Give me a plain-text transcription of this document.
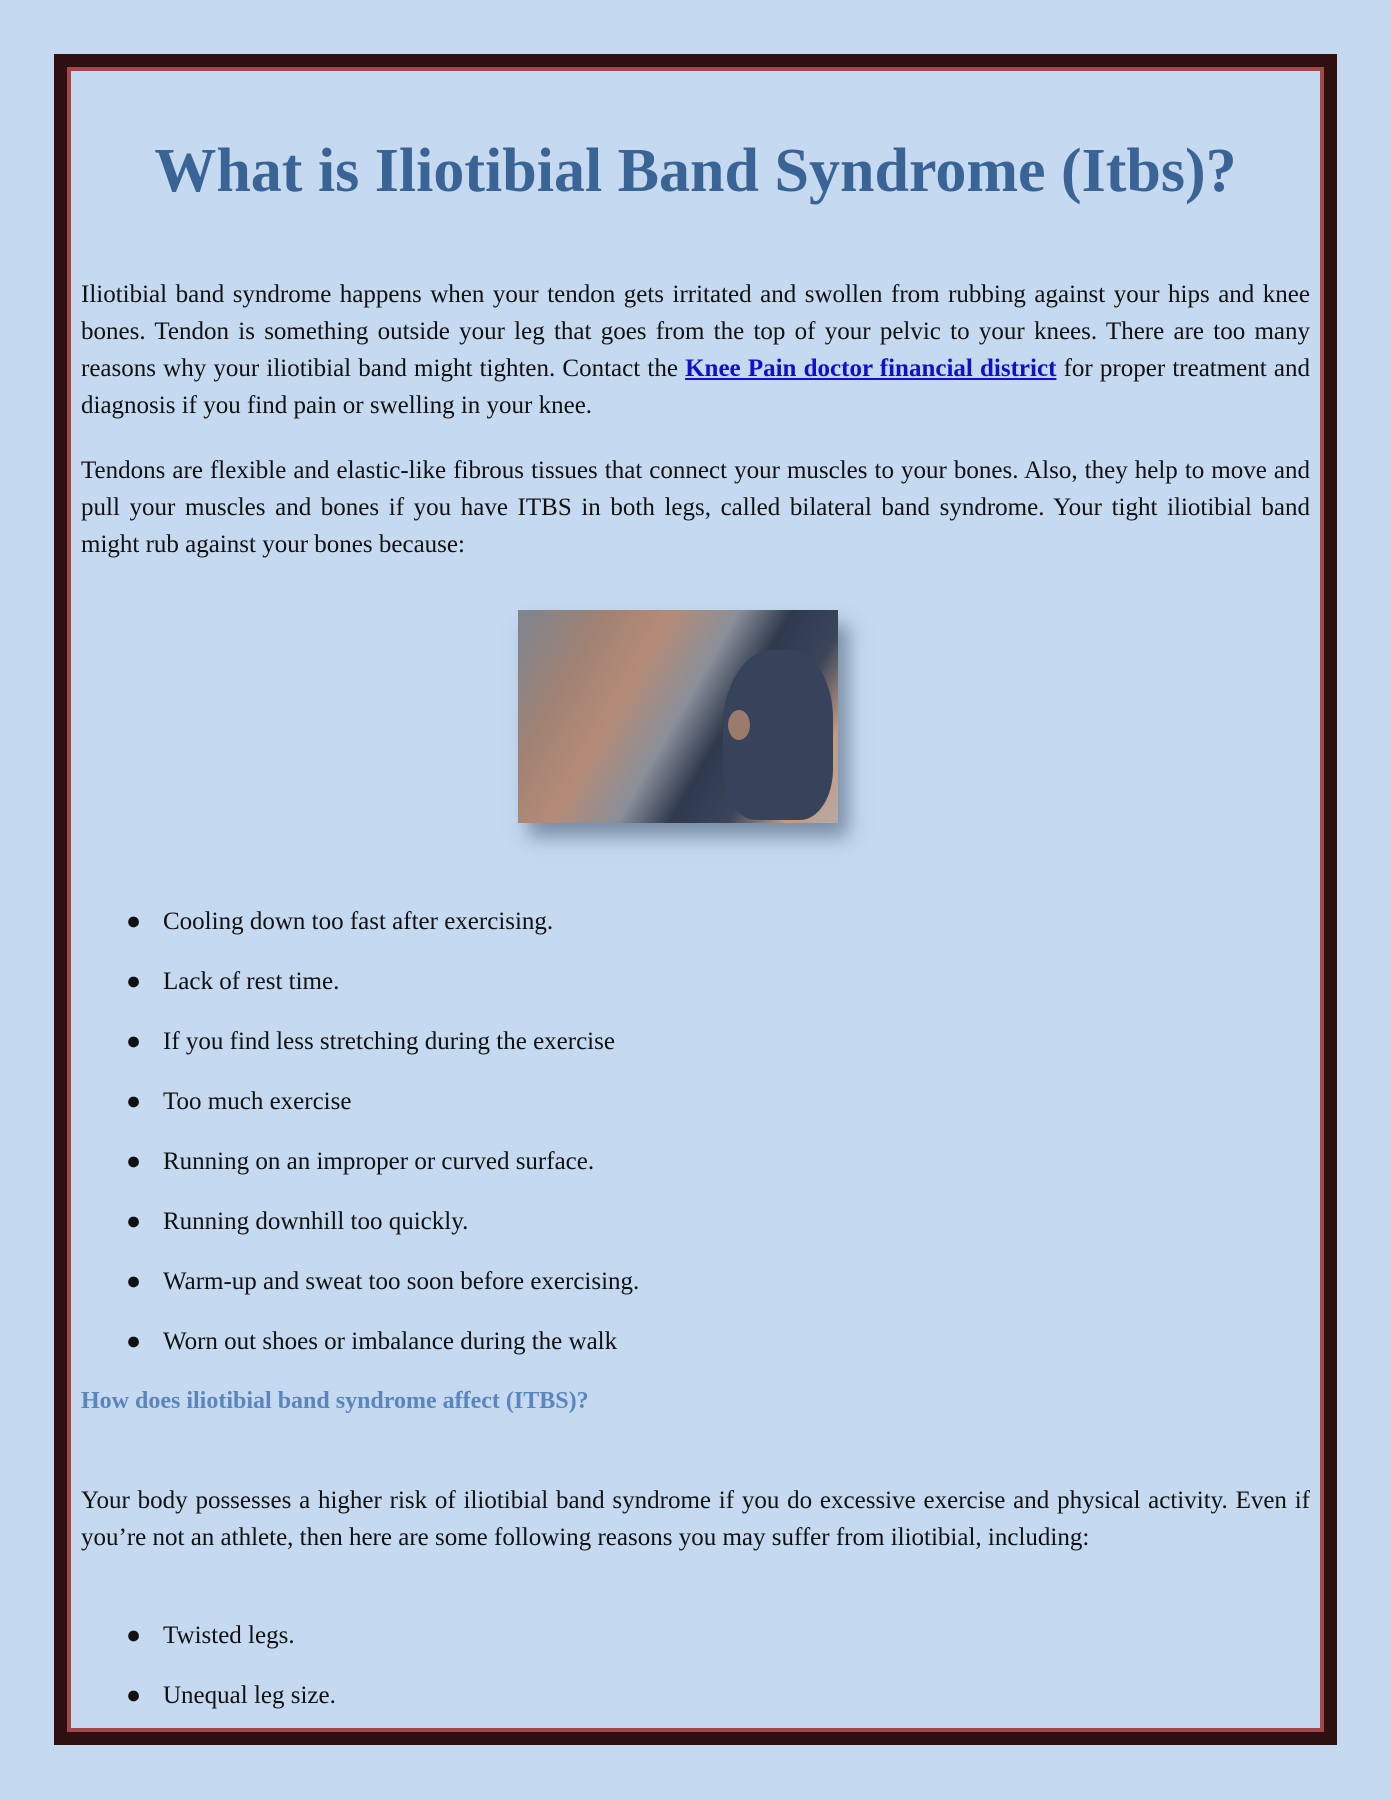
What is Iliotibial Band Syndrome (Itbs)?

Iliotibial band syndrome happens when your tendon gets irritated and swollen from rubbing against your hips and knee bones. Tendon is something outside your leg that goes from the top of your pelvic to your knees. There are too many reasons why your iliotibial band might tighten. Contact the Knee Pain doctor financial district for proper treatment and diagnosis if you find pain or swelling in your knee.

Tendons are flexible and elastic-like fibrous tissues that connect your muscles to your bones. Also, they help to move and pull your muscles and bones if you have ITBS in both legs, called bilateral band syndrome. Your tight iliotibial band might rub against your bones because:

● Cooling down too fast after exercising.
● Lack of rest time.
● If you find less stretching during the exercise
● Too much exercise
● Running on an improper or curved surface.
● Running downhill too quickly.
● Warm-up and sweat too soon before exercising.
● Worn out shoes or imbalance during the walk
How does iliotibial band syndrome affect (ITBS)?

Your body possesses a higher risk of iliotibial band syndrome if you do excessive exercise and physical activity. Even if you’re not an athlete, then here are some following reasons you may suffer from iliotibial, including:

● Twisted legs.
● Unequal leg size.
